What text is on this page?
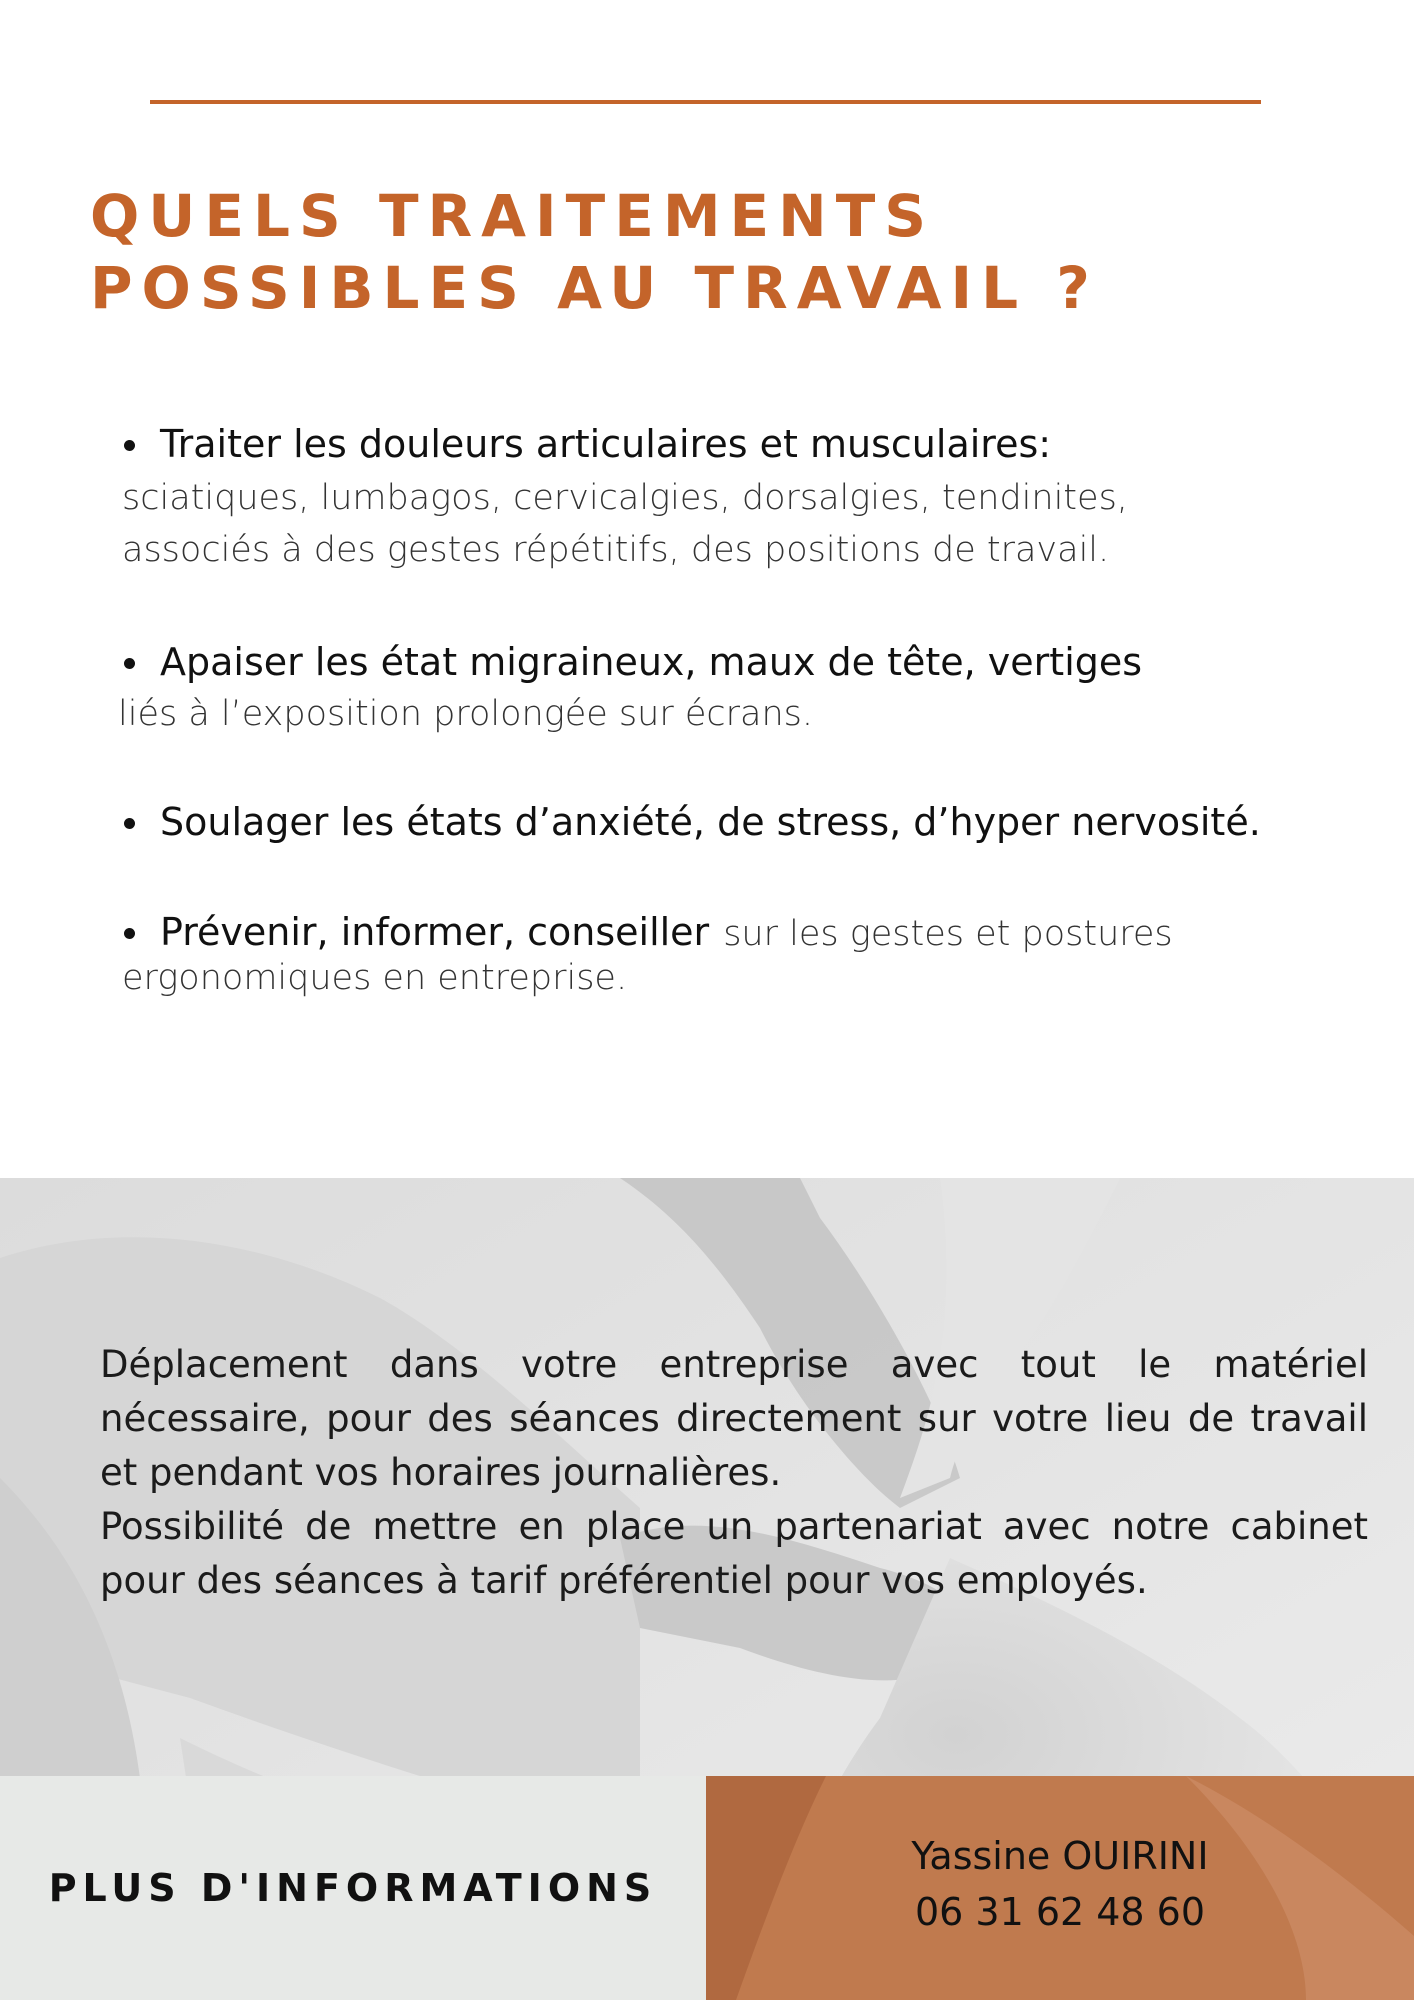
QUELS TRAITEMENTS
POSSIBLES AU TRAVAIL ?
Traiter les douleurs articulaires et musculaires:
sciatiques, lumbagos, cervicalgies, dorsalgies, tendinites,
associés à des gestes répétitifs, des positions de travail.
Apaiser les état migraineux, maux de tête, vertiges
liés à l’exposition prolongée sur écrans.
Soulager les états d’anxiété, de stress, d’hyper nervosité.
Prévenir, informer, conseiller sur les gestes et postures
ergonomiques en entreprise.

Déplacement dans votre entreprise avec tout le matériel

nécessaire, pour des séances directement sur votre lieu de travail

et pendant vos horaires journalières.

Possibilité de mettre en place un partenariat avec notre cabinet

pour des séances à tarif préférentiel pour vos employés.

PLUS D'INFORMATIONS
Yassine OUIRINI
06 31 62 48 60
